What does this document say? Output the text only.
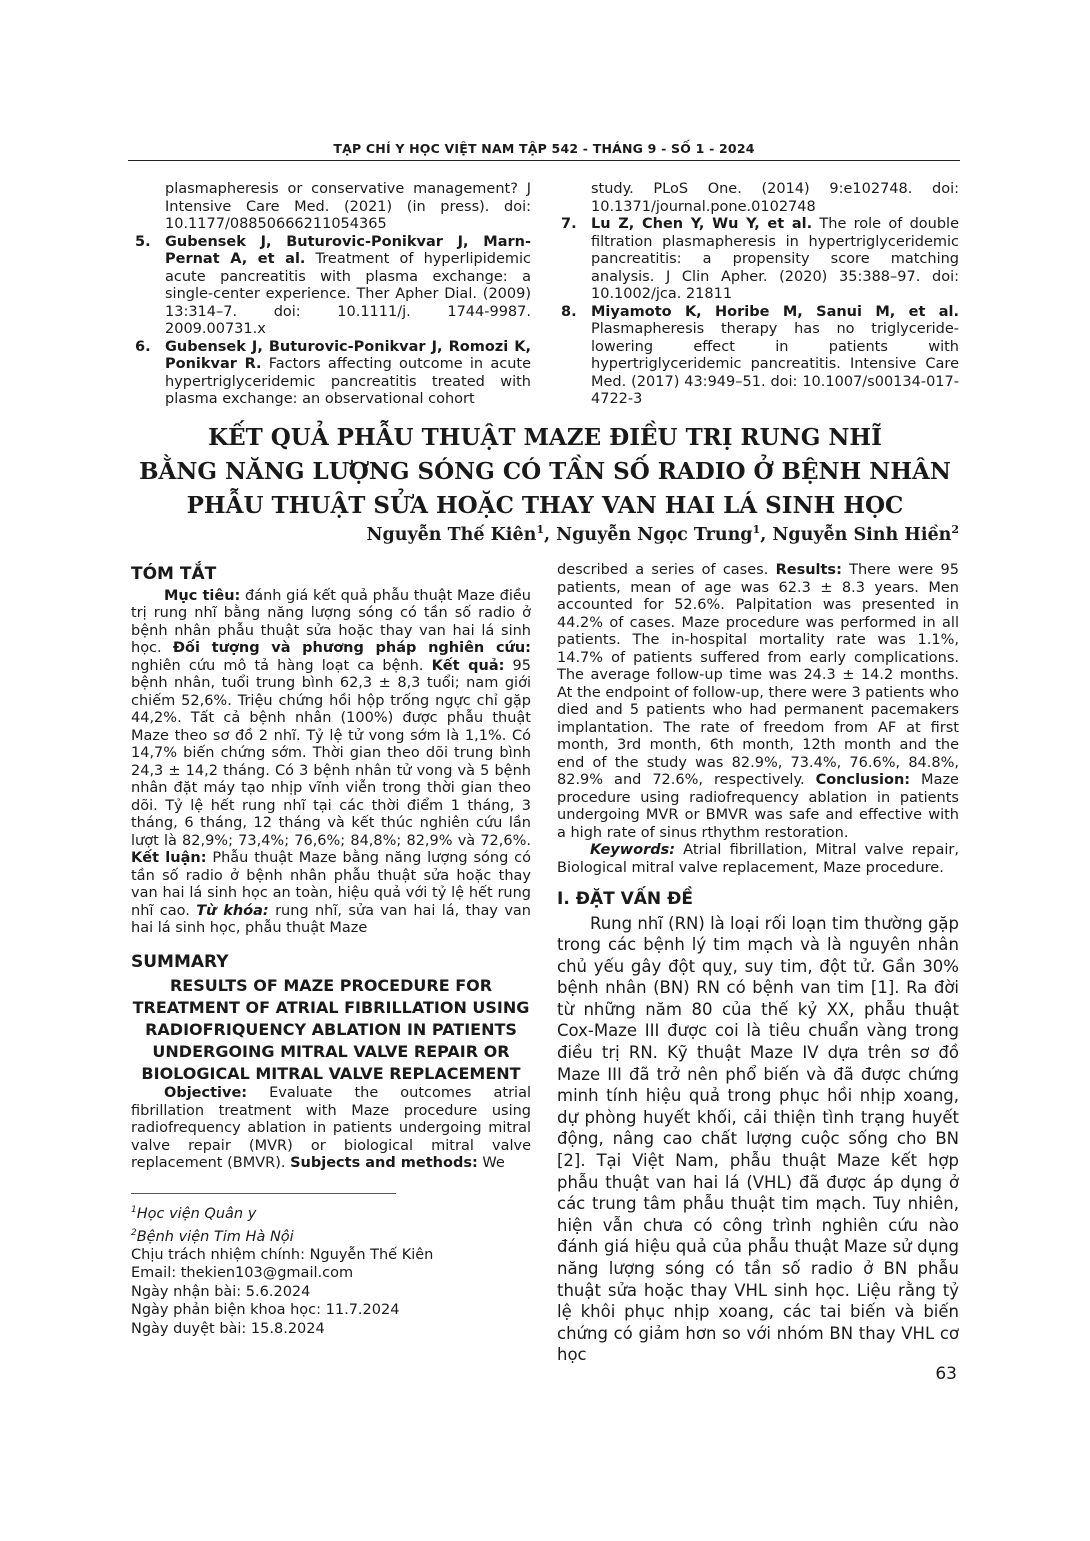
TẠP CHÍ Y HỌC VIỆT NAM TẬP 542 - THÁNG 9 - SỐ 1 - 2024

plasmapheresis or conservative management? J Intensive Care Med. (2021) (in press). doi: 10.1177/08850666211054365

5. Gubensek J, Buturovic-Ponikvar J, Marn-Pernat A, et al. Treatment of hyperlipidemic acute pancreatitis with plasma exchange: a single-center experience. Ther Apher Dial. (2009) 13:314–7. doi: 10.1111/j. 1744-9987. 2009.00731.x

6. Gubensek J, Buturovic-Ponikvar J, Romozi K, Ponikvar R. Factors affecting outcome in acute hypertriglyceridemic pancreatitis treated with plasma exchange: an observational cohort

study. PLoS One. (2014) 9:e102748. doi: 10.1371/journal.pone.0102748

7. Lu Z, Chen Y, Wu Y, et al. The role of double filtration plasmapheresis in hypertriglyceridemic pancreatitis: a propensity score matching analysis. J Clin Apher. (2020) 35:388–97. doi: 10.1002/jca. 21811

8. Miyamoto K, Horibe M, Sanui M, et al. Plasmapheresis therapy has no triglyceride-lowering effect in patients with hypertriglyceridemic pancreatitis. Intensive Care Med. (2017) 43:949–51. doi: 10.1007/s00134-017-4722-3

KẾT QUẢ PHẪU THUẬT MAZE ĐIỀU TRỊ RUNG NHĨ
BẰNG NĂNG LƯỢNG SÓNG CÓ TẦN SỐ RADIO Ở BỆNH NHÂN
PHẪU THUẬT SỬA HOẶC THAY VAN HAI LÁ SINH HỌC
Nguyễn Thế Kiên$^1$, Nguyễn Ngọc Trung$^1$, Nguyễn Sinh Hiền$^2$
TÓM TẮT

Mục tiêu: đánh giá kết quả phẫu thuật Maze điều trị rung nhĩ bằng năng lượng sóng có tần số radio ở bệnh nhân phẫu thuật sửa hoặc thay van hai lá sinh học. Đối tượng và phương pháp nghiên cứu: nghiên cứu mô tả hàng loạt ca bệnh. Kết quả: 95 bệnh nhân, tuổi trung bình 62,3 ± 8,3 tuổi; nam giới chiếm 52,6%. Triệu chứng hồi hộp trống ngực chỉ gặp 44,2%. Tất cả bệnh nhân (100%) được phẫu thuật Maze theo sơ đồ 2 nhĩ. Tỷ lệ tử vong sớm là 1,1%. Có 14,7% biến chứng sớm. Thời gian theo dõi trung bình 24,3 ± 14,2 tháng. Có 3 bệnh nhân tử vong và 5 bệnh nhân đặt máy tạo nhịp vĩnh viễn trong thời gian theo dõi. Tỷ lệ hết rung nhĩ tại các thời điểm 1 tháng, 3 tháng, 6 tháng, 12 tháng và kết thúc nghiên cứu lần lượt là 82,9%; 73,4%; 76,6%; 84,8%; 82,9% và 72,6%. Kết luận: Phẫu thuật Maze bằng năng lượng sóng có tần số radio ở bệnh nhân phẫu thuật sửa hoặc thay van hai lá sinh học an toàn, hiệu quả với tỷ lệ hết rung nhĩ cao. Từ khóa: rung nhĩ, sửa van hai lá, thay van hai lá sinh học, phẫu thuật Maze

SUMMARY
RESULTS OF MAZE PROCEDURE FOR TREATMENT OF ATRIAL FIBRILLATION USING RADIOFRIQUENCY ABLATION IN PATIENTS UNDERGOING MITRAL VALVE REPAIR OR BIOLOGICAL MITRAL VALVE REPLACEMENT

Objective: Evaluate the outcomes atrial fibrillation treatment with Maze procedure using radiofrequency ablation in patients undergoing mitral valve repair (MVR) or biological mitral valve replacement (BMVR). Subjects and methods: We

$^1$Học viện Quân y

$^2$Bệnh viện Tim Hà Nội

Chịu trách nhiệm chính: Nguyễn Thế Kiên

Email: thekien103@gmail.com

Ngày nhận bài: 5.6.2024

Ngày phản biện khoa học: 11.7.2024

Ngày duyệt bài: 15.8.2024

described a series of cases. Results: There were 95 patients, mean of age was 62.3 ± 8.3 years. Men accounted for 52.6%. Palpitation was presented in 44.2% of cases. Maze procedure was performed in all patients. The in-hospital mortality rate was 1.1%, 14.7% of patients suffered from early complications. The average follow-up time was 24.3 ± 14.2 months. At the endpoint of follow-up, there were 3 patients who died and 5 patients who had permanent pacemakers implantation. The rate of freedom from AF at first month, 3rd month, 6th month, 12th month and the end of the study was 82.9%, 73.4%, 76.6%, 84.8%, 82.9% and 72.6%, respectively. Conclusion: Maze procedure using radiofrequency ablation in patients undergoing MVR or BMVR was safe and effective with a high rate of sinus rthythm restoration.

Keywords: Atrial fibrillation, Mitral valve repair, Biological mitral valve replacement, Maze procedure.

I. ĐẶT VẤN ĐỀ

Rung nhĩ (RN) là loại rối loạn tim thường gặp trong các bệnh lý tim mạch và là nguyên nhân chủ yếu gây đột quỵ, suy tim, đột tử. Gần 30% bệnh nhân (BN) RN có bệnh van tim [1]. Ra đời từ những năm 80 của thế kỷ XX, phẫu thuật Cox-Maze III được coi là tiêu chuẩn vàng trong điều trị RN. Kỹ thuật Maze IV dựa trên sơ đồ Maze III đã trở nên phổ biến và đã được chứng minh tính hiệu quả trong phục hồi nhịp xoang, dự phòng huyết khối, cải thiện tình trạng huyết động, nâng cao chất lượng cuộc sống cho BN [2]. Tại Việt Nam, phẫu thuật Maze kết hợp phẫu thuật van hai lá (VHL) đã được áp dụng ở các trung tâm phẫu thuật tim mạch. Tuy nhiên, hiện vẫn chưa có công trình nghiên cứu nào đánh giá hiệu quả của phẫu thuật Maze sử dụng năng lượng sóng có tần số radio ở BN phẫu thuật sửa hoặc thay VHL sinh học. Liệu rằng tỷ lệ khôi phục nhịp xoang, các tai biến và biến chứng có giảm hơn so với nhóm BN thay VHL cơ học

63
